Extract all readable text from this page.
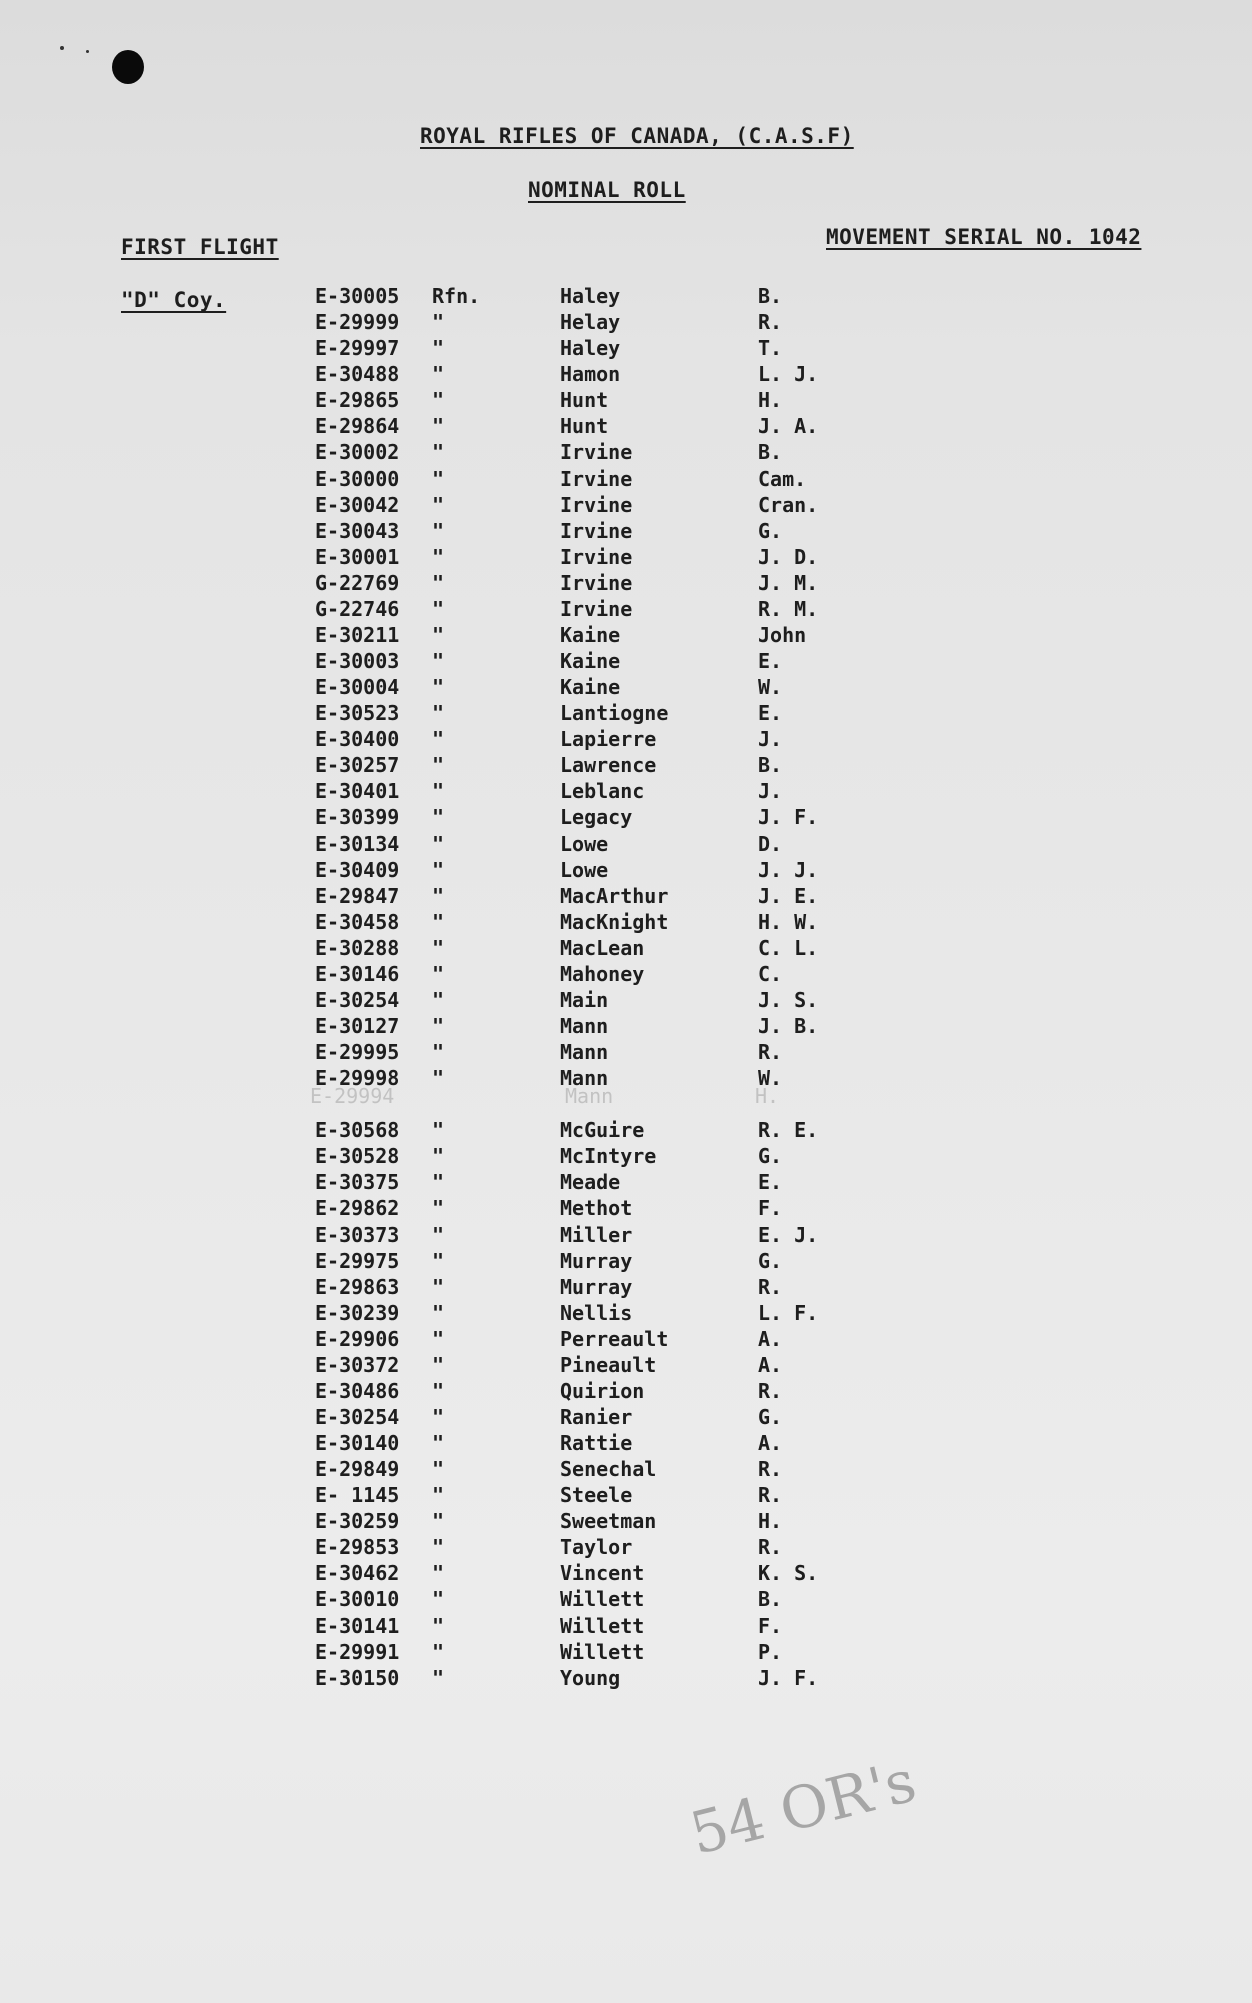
ROYAL RIFLES OF CANADA, (C.A.S.F)
NOMINAL ROLL
FIRST FLIGHT	MOVEMENT SERIAL NO. 1042
"D" Coy.	E-30005 Rfn.	Haley	B.
E-29999 "	Helay	R.
E-29997 "	Haley	T.
E-30488 "	Hamon	L. J.
E-29865 "	Hunt	H.
E-29864 "	Hunt	J. A.
E-30002 "	Irvine	B.
E-30000 "	Irvine	Cam.
E-30042 "	Irvine	Cran.
E-30043 "	Irvine	G.
E-30001 "	Irvine	J. D.
G-22769 "	Irvine	J. M.
G-22746 "	Irvine	R. M.
E-30211 "	Kaine	John
E-30003 "	Kaine	E.
E-30004 "	Kaine	W.
E-30523 "	Lantiogne	E.
E-30400 "	Lapierre	J.
E-30257 "	Lawrence	B.
E-30401 "	Leblanc	J.
E-30399 "	Legacy	J. F.
E-30134 "	Lowe	D.
E-30409 "	Lowe	J. J.
E-29847 "	MacArthur	J. E.
E-30458 "	MacKnight	H. W.
E-30288 "	MacLean	C. L.
E-30146 "	Mahoney	C.
E-30254 "	Main	J. S.
E-30127 "	Mann	J. B.
E-29995 "	Mann	R.
E-29998 "	Mann	W.
E-30568 "	McGuire	R. E.
E-30528 "	McIntyre	G.
E-30375 "	Meade	E.
E-29862 "	Methot	F.
E-30373 "	Miller	E. J.
E-29975 "	Murray	G.
E-29863 "	Murray	R.
E-30239 "	Nellis	L. F.
E-29906 "	Perreault	A.
E-30372 "	Pineault	A.
E-30486 "	Quirion	R.
E-30254 "	Ranier	G.
E-30140 "	Rattie	A.
E-29849 "	Senechal	R.
E- 1145 "	Steele	R.
E-30259 "	Sweetman	H.
E-29853 "	Taylor	R.
E-30462 "	Vincent	K. S.
E-30010 "	Willett	B.
E-30141 "	Willett	F.
E-29991 "	Willett	P.
E-30150 "	Young	J. F.
E-29994	Mann	H.
54 OR's
